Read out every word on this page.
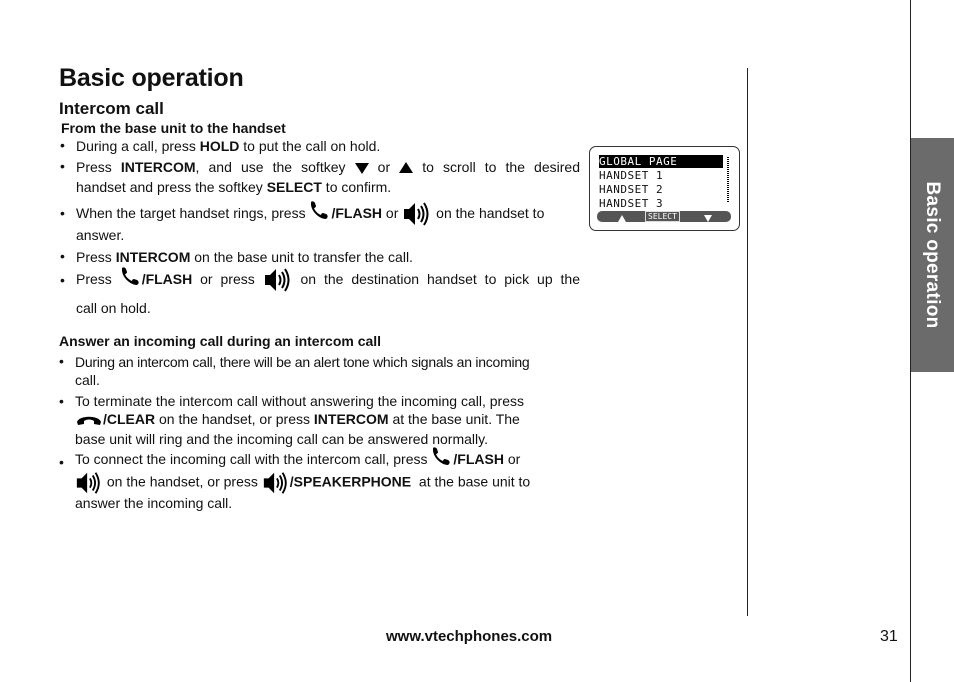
Basic operation
Intercom call
From the base unit to the handset
• During a call, press HOLD to put the call on hold.
• Press INTERCOM, and use the softkey  or  to scroll to the desired
handset and press the softkey SELECT to confirm.
• When the target handset rings, press /FLASH or  on the handset to
answer.
• Press INTERCOM on the base unit to transfer the call.
• Press /FLASH or press  on the destination handset to pick up the
call on hold.
Answer an incoming call during an intercom call
• During an intercom call, there will be an alert tone which signals an incoming
call.
• To terminate the intercom call without answering the incoming call, press
/CLEAR on the handset, or press INTERCOM at the base unit. The
base unit will ring and the incoming call can be answered normally.
• To connect the incoming call with the intercom call, press /FLASH or
on the handset, or press /SPEAKERPHONE  at the base unit to
answer the incoming call.
GLOBAL PAGE
HANDSET 1
HANDSET 2
HANDSET 3
SELECT	Basic operation
www.vtechphones.com	31
